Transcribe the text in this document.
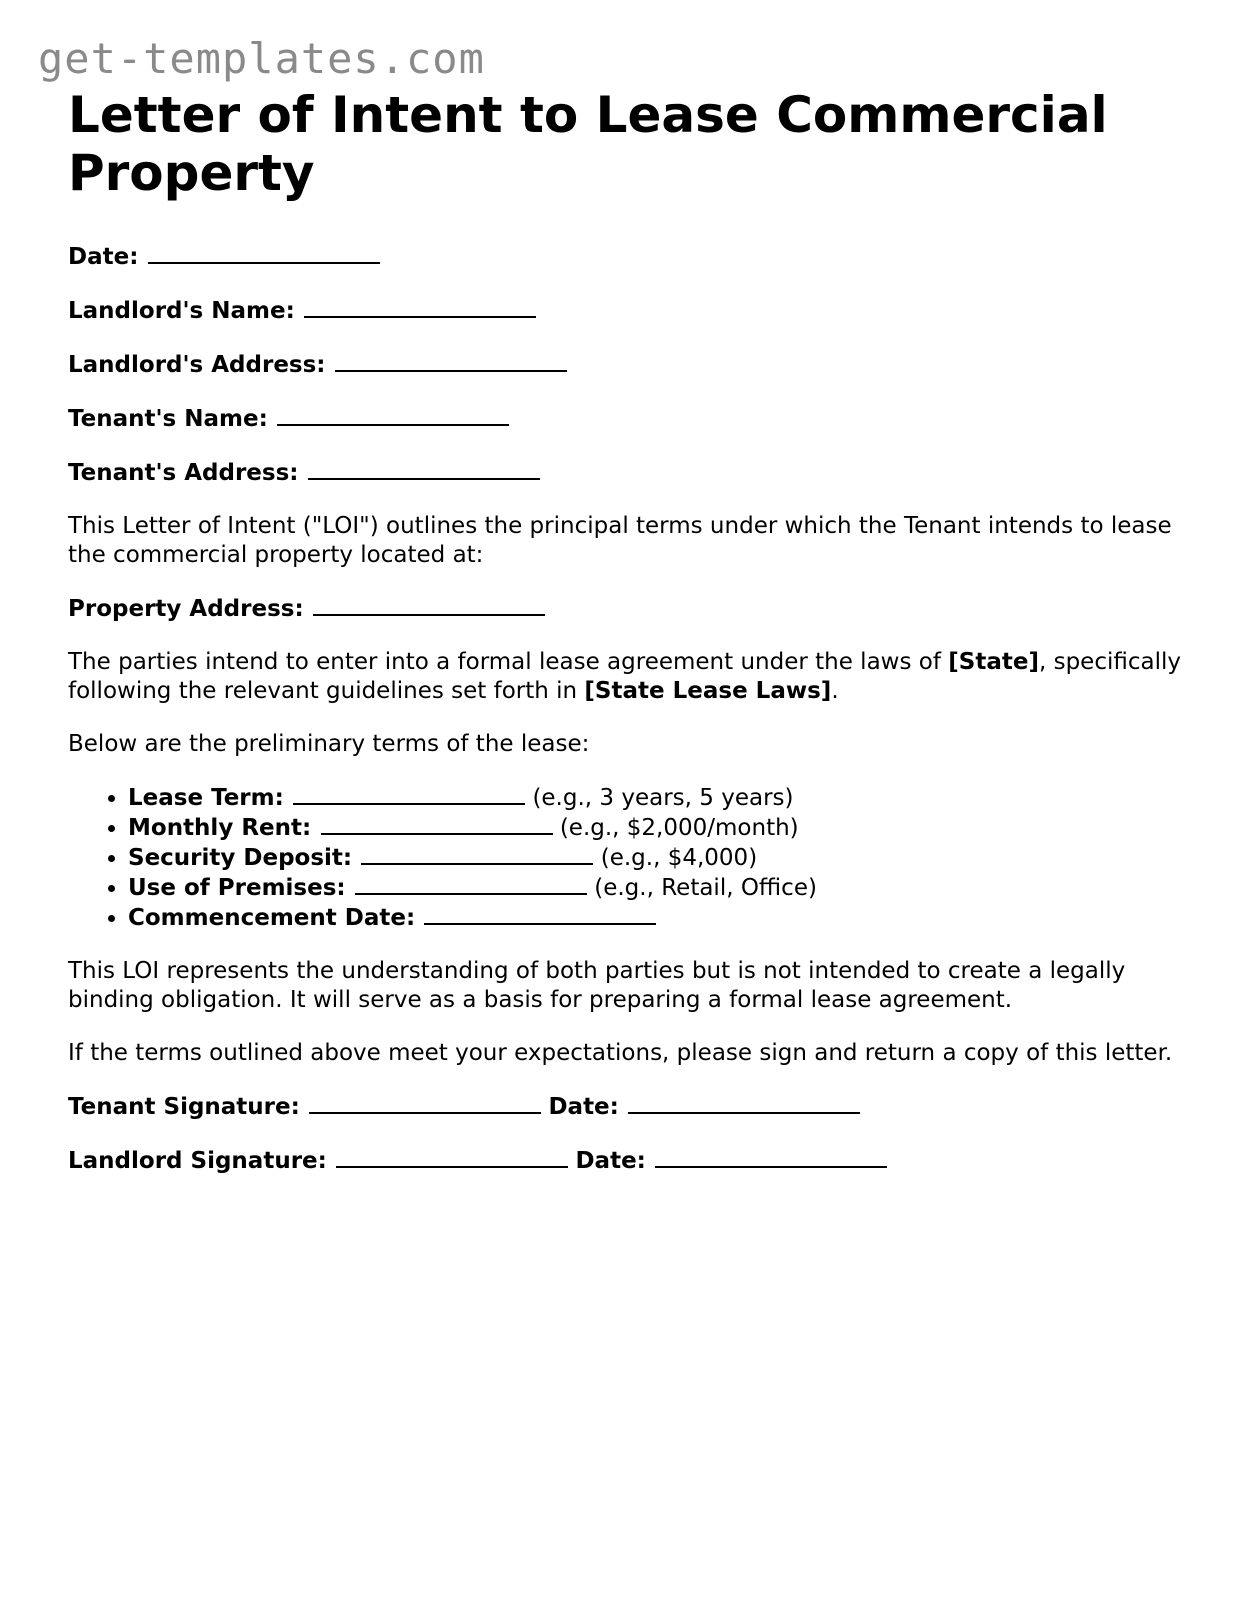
get-templates.com
Letter of Intent to Lease Commercial Property
Date:
Landlord's Name:
Landlord's Address:
Tenant's Name:
Tenant's Address:

This Letter of Intent ("LOI") outlines the principal terms under which the Tenant intends to lease the commercial property located at:

Property Address:

The parties intend to enter into a formal lease agreement under the laws of [State], specifically following the relevant guidelines set forth in [State Lease Laws].

Below are the preliminary terms of the lease:

• Lease Term:	(e.g., 3 years, 5 years)
• Monthly Rent:	(e.g., $2,000/month)
• Security Deposit:	(e.g., $4,000)
• Use of Premises:	(e.g., Retail, Office)
• Commencement Date:

This LOI represents the understanding of both parties but is not intended to create a legally binding obligation. It will serve as a basis for preparing a formal lease agreement.

If the terms outlined above meet your expectations, please sign and return a copy of this letter.

Tenant Signature:	Date:
Landlord Signature:	Date:
